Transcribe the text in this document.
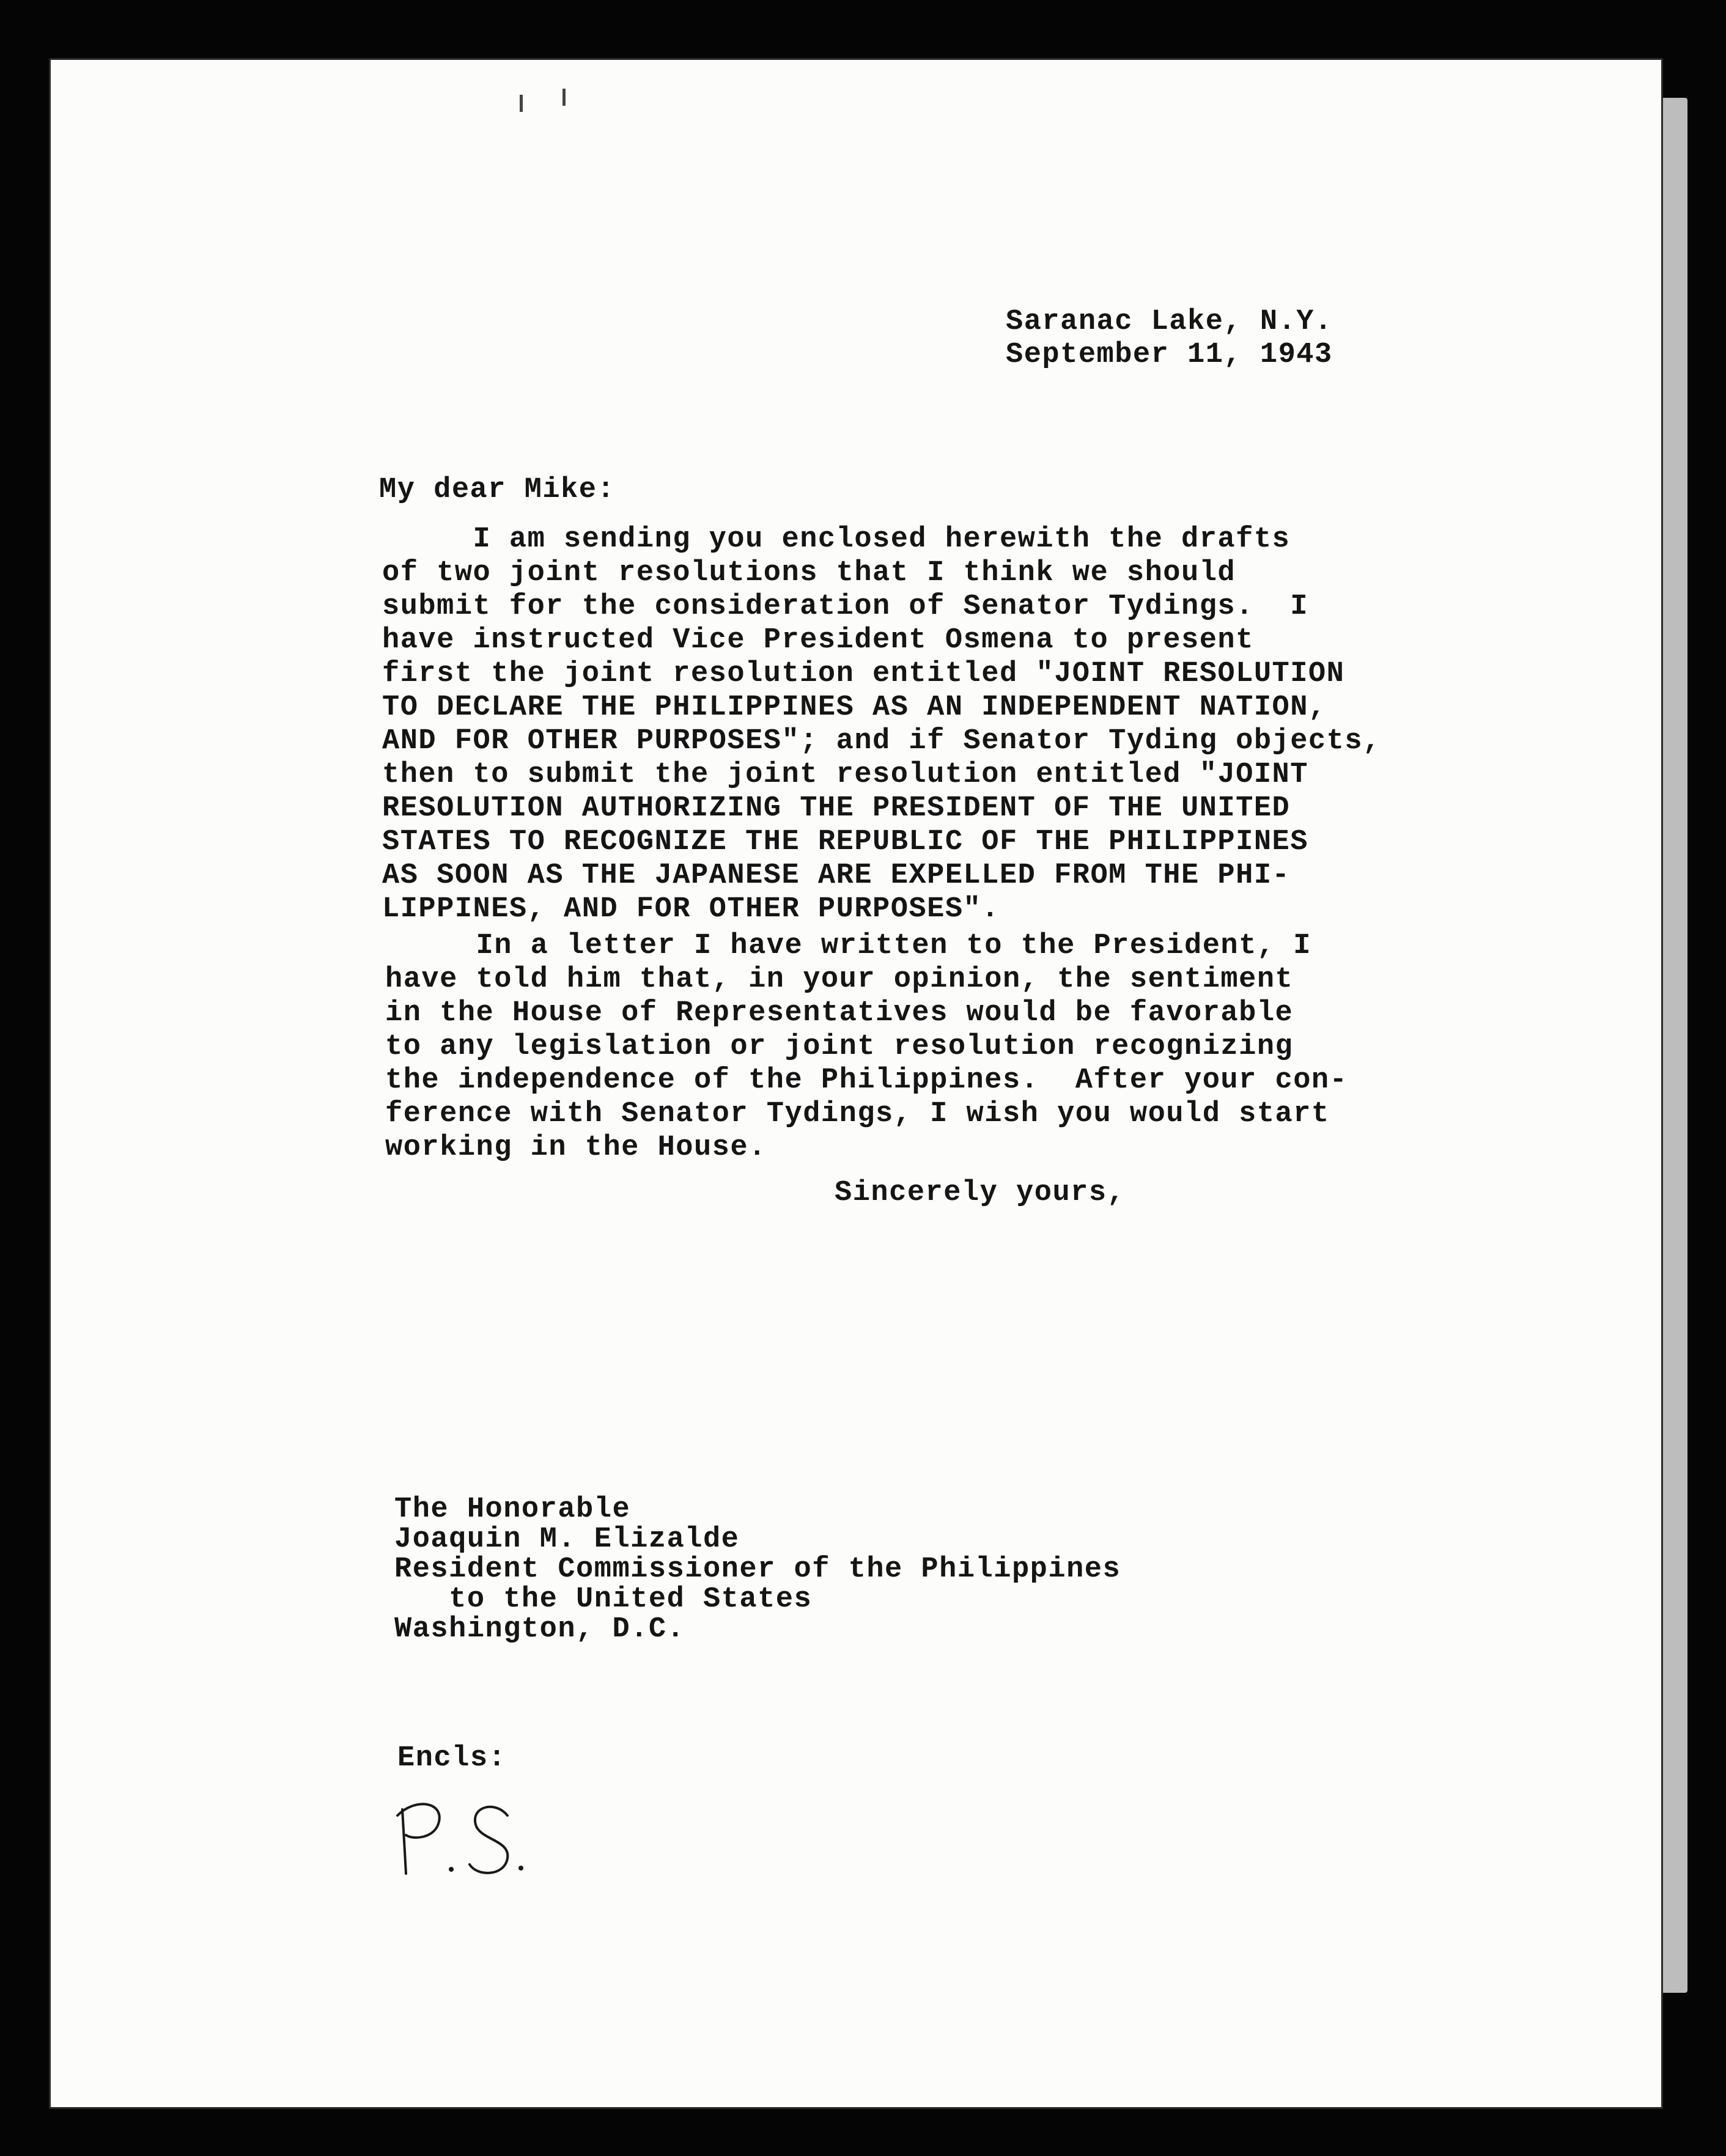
Saranac Lake, N.Y.
September 11, 1943
My dear Mike:
I am sending you enclosed herewith the drafts
of two joint resolutions that I think we should
submit for the consideration of Senator Tydings.  I
have instructed Vice President Osmena to present
first the joint resolution entitled "JOINT RESOLUTION
TO DECLARE THE PHILIPPINES AS AN INDEPENDENT NATION,
AND FOR OTHER PURPOSES"; and if Senator Tyding objects,
then to submit the joint resolution entitled "JOINT
RESOLUTION AUTHORIZING THE PRESIDENT OF THE UNITED
STATES TO RECOGNIZE THE REPUBLIC OF THE PHILIPPINES
AS SOON AS THE JAPANESE ARE EXPELLED FROM THE PHI-
LIPPINES, AND FOR OTHER PURPOSES".
In a letter I have written to the President, I
have told him that, in your opinion, the sentiment
in the House of Representatives would be favorable
to any legislation or joint resolution recognizing
the independence of the Philippines.  After your con-
ference with Senator Tydings, I wish you would start
working in the House.
Sincerely yours,
The Honorable
Joaquin M. Elizalde
Resident Commissioner of the Philippines
to the United States
Washington, D.C.
Encls:
